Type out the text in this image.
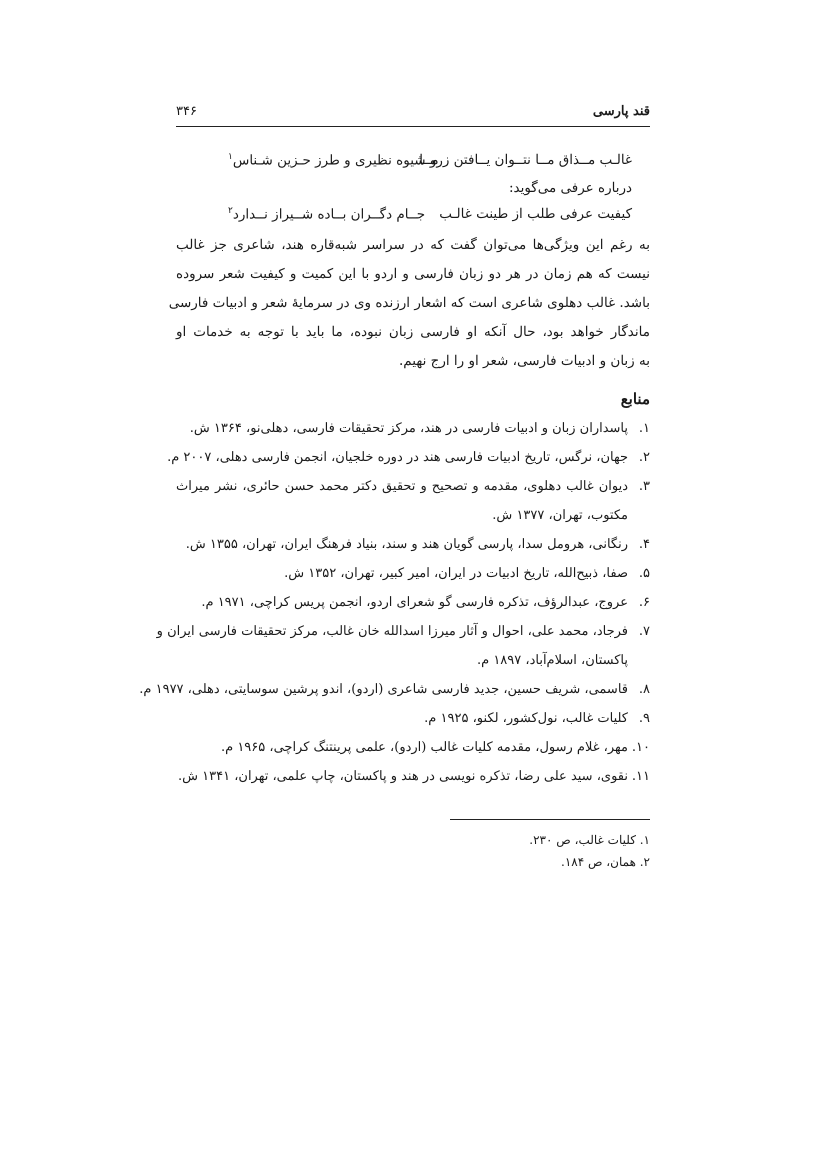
قند پارسی
۳۴۶
غالـب مــذاق مــا نتــوان یــافتن ز مــا
رو شیوه نظیری و طرز حـزین شـناس$^۱$
درباره عرفی می‌گوید:
کیفیت عرفی طلب از طینت غالـب
جــام دگــران بــاده شــیراز نــدارد$^۲$
به رغم این ویژگی‌ها می‌توان گفت که در سراسر شبه‌قاره هند، شاعری جز غالب
نیست که هم زمان در هر دو زبان فارسی و اردو با این کمیت و کیفیت شعر سروده
باشد. غالب دهلوی شاعری است که اشعار ارزنده وی در سرمایۀ شعر و ادبیات فارسی
ماندگار خواهد بود، حال آنکه او فارسی زبان نبوده، ما باید با توجه به خدمات او
به زبان و ادبیات فارسی، شعر او را ارج نهیم.
منابع
۱.
پاسداران زبان و ادبیات فارسی در هند، مرکز تحقیقات فارسی، دهلی‌نو، ۱۳۶۴ ش.
۲.
جهان، نرگس، تاریخ ادبیات فارسی هند در دوره خلجیان، انجمن فارسی دهلی، ۲۰۰۷ م.
۳.
دیوان غالب دهلوی، مقدمه و تصحیح و تحقیق دکتر محمد حسن حائری، نشر میراث
مکتوب، تهران، ۱۳۷۷ ش.
۴.
رنگانی، هرومل سدا، پارسی گویان هند و سند، بنیاد فرهنگ ایران، تهران، ۱۳۵۵ ش.
۵.
صفا، ذبیح‌الله، تاریخ ادبیات در ایران، امیر کبیر، تهران، ۱۳۵۲ ش.
۶.
عروج، عبدالرؤف، تذکره فارسی گو شعرای اردو، انجمن پریس کراچی، ۱۹۷۱ م.
۷.
فرجاد، محمد علی، احوال و آثار میرزا اسدالله خان غالب، مرکز تحقیقات فارسی ایران و
پاکستان، اسلام‌آباد، ۱۸۹۷ م.
۸.
قاسمی، شریف حسین، جدید فارسی شاعری (اردو)، اندو پرشین سوسایتی، دهلی، ۱۹۷۷ م.
۹.
کلیات غالب، نول‌کشور، لکنو، ۱۹۲۵ م.
۱۰.
مهر، غلام رسول، مقدمه کلیات غالب (اردو)، علمی پرینتنگ کراچی، ۱۹۶۵ م.
۱۱.
نقوی، سید علی رضا، تذکره نویسی در هند و پاکستان، چاپ علمی، تهران، ۱۳۴۱ ش.
۱. کلیات غالب، ص ۲۳۰.
۲. همان، ص ۱۸۴.
